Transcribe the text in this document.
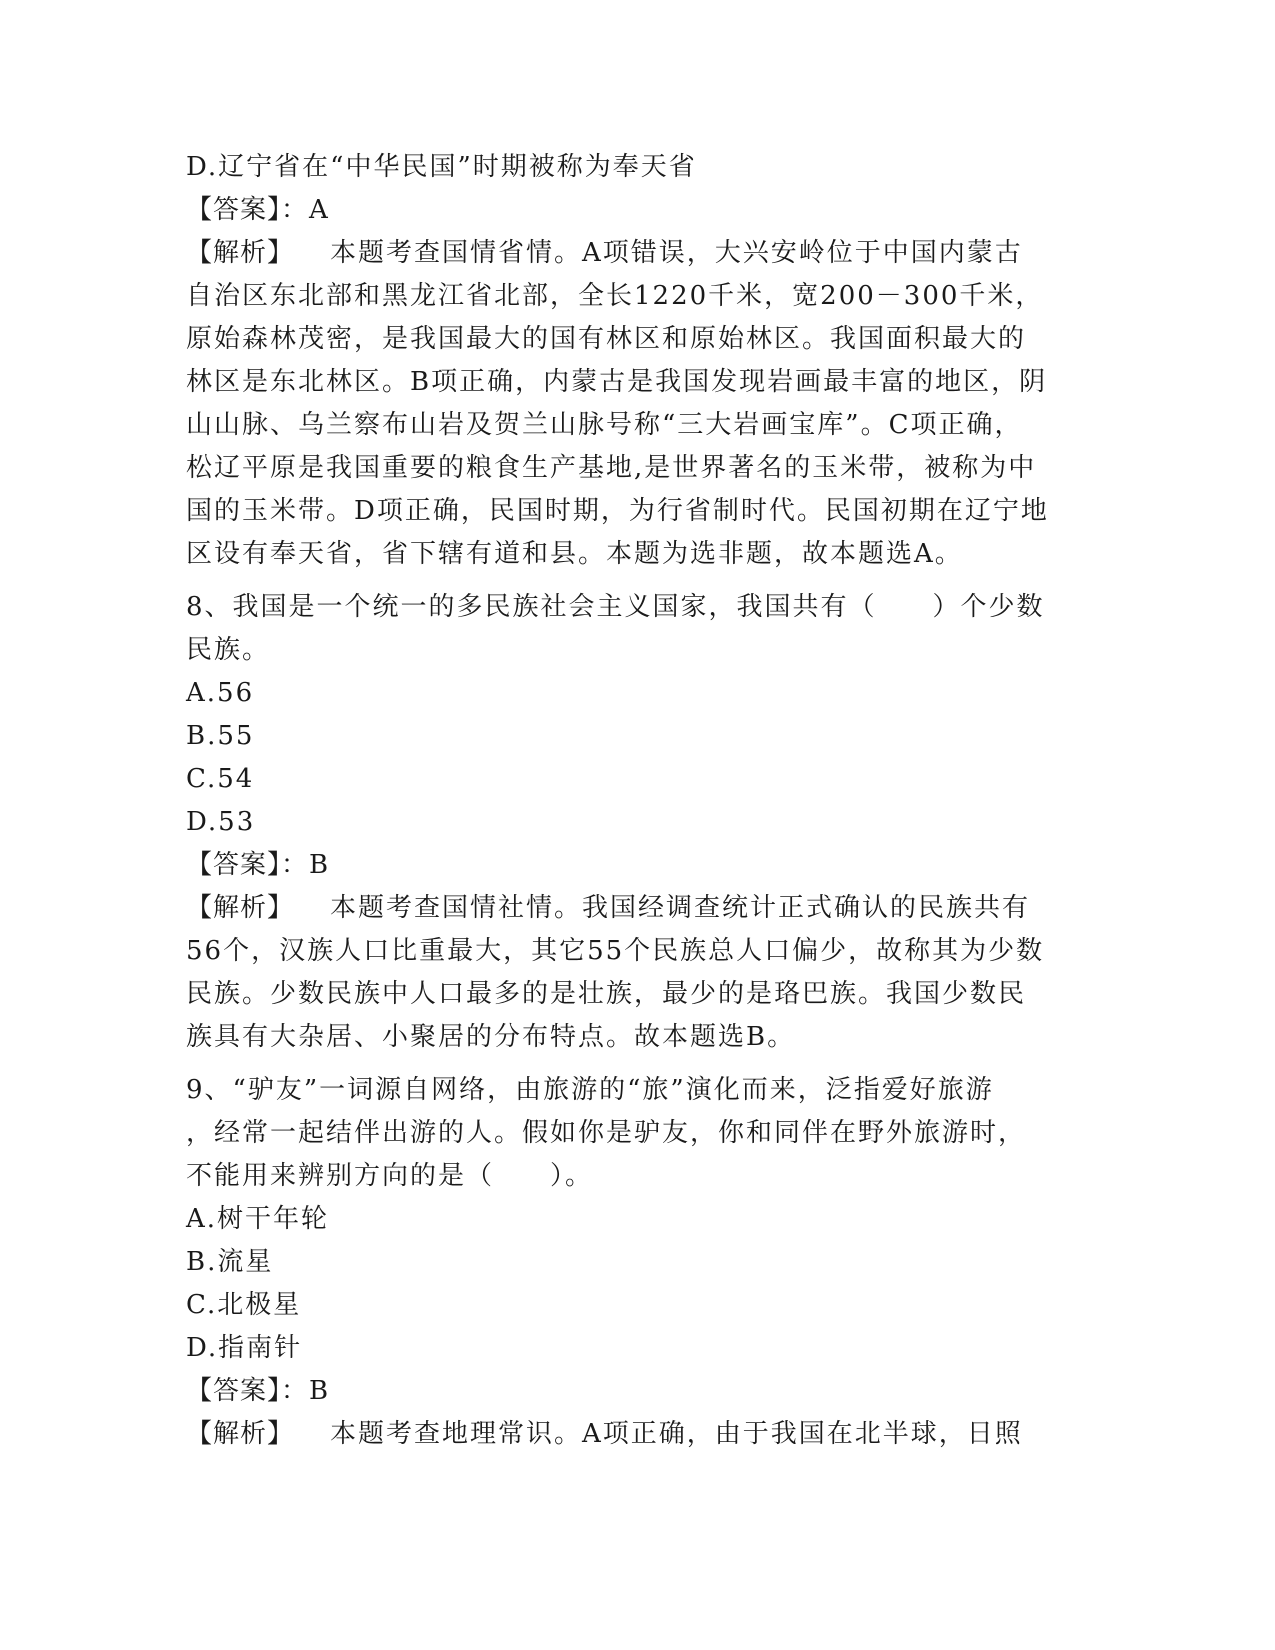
D.辽宁省在“中华民国”时期被称为奉天省
【答案】：A
【解析】 本题考查国情省情。A项错误，大兴安岭位于中国内蒙古
自治区东北部和黑龙江省北部，全长1220千米，宽200－300千米，
原始森林茂密，是我国最大的国有林区和原始林区。我国面积最大的
林区是东北林区。B项正确，内蒙古是我国发现岩画最丰富的地区，阴
山山脉、乌兰察布山岩及贺兰山脉号称“三大岩画宝库”。C项正确，
松辽平原是我国重要的粮食生产基地,是世界著名的玉米带，被称为中
国的玉米带。D项正确，民国时期，为行省制时代。民国初期在辽宁地
区设有奉天省，省下辖有道和县。本题为选非题，故本题选A。
8、我国是一个统一的多民族社会主义国家，我国共有（　　）个少数
民族。
A.56
B.55
C.54
D.53
【答案】：B
【解析】 本题考查国情社情。我国经调查统计正式确认的民族共有
56个，汉族人口比重最大，其它55个民族总人口偏少，故称其为少数
民族。少数民族中人口最多的是壮族，最少的是珞巴族。我国少数民
族具有大杂居、小聚居的分布特点。故本题选B。
9、“驴友”一词源自网络，由旅游的“旅”演化而来，泛指爱好旅游
，经常一起结伴出游的人。假如你是驴友，你和同伴在野外旅游时，
不能用来辨别方向的是（　　）。
A.树干年轮
B.流星
C.北极星
D.指南针
【答案】：B
【解析】 本题考查地理常识。A项正确，由于我国在北半球，日照
